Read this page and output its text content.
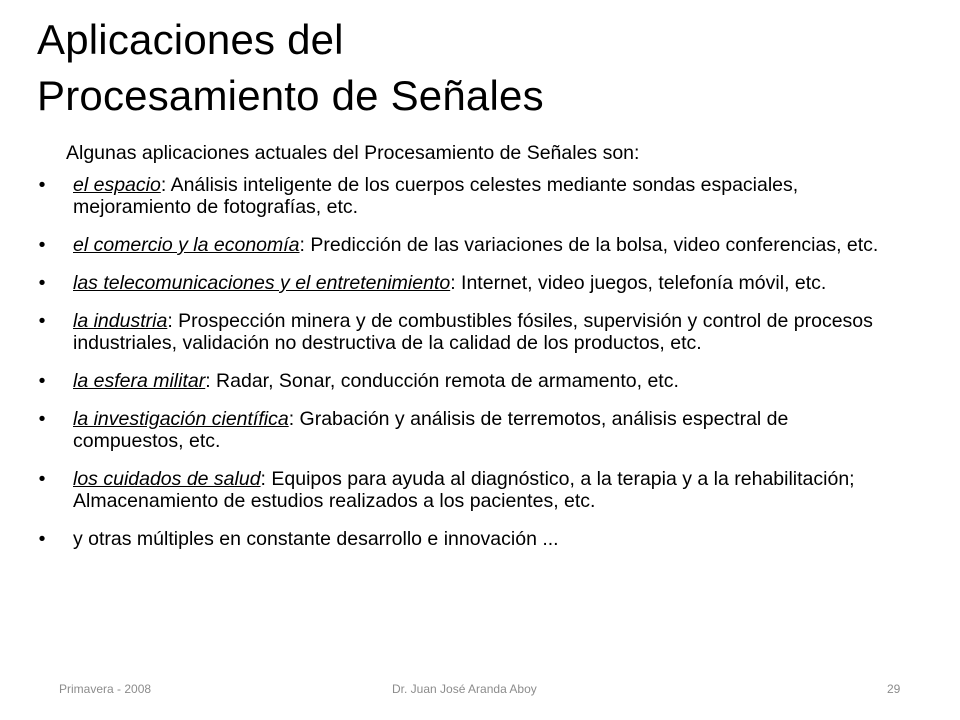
Aplicaciones del
Procesamiento de Señales

Algunas aplicaciones actuales del Procesamiento de Señales son:

• el espacio: Análisis inteligente de los cuerpos celestes mediante sondas espaciales, mejoramiento de fotografías, etc.
• el comercio y la economía: Predicción de las variaciones de la bolsa, video conferencias, etc.
• las telecomunicaciones y el entretenimiento: Internet, video juegos, telefonía móvil, etc.
• la industria: Prospección minera y de combustibles fósiles, supervisión y control de procesos industriales, validación no destructiva de la calidad de los productos, etc.
• la esfera militar: Radar, Sonar, conducción remota de armamento, etc.
• la investigación científica: Grabación y análisis de terremotos, análisis espectral de compuestos, etc.
• los cuidados de salud: Equipos para ayuda al diagnóstico, a la terapia y a la rehabilitación; Almacenamiento de estudios realizados a los pacientes, etc.
• y otras múltiples en constante desarrollo e innovación ...
Primavera - 2008	Dr. Juan José Aranda Aboy	29
